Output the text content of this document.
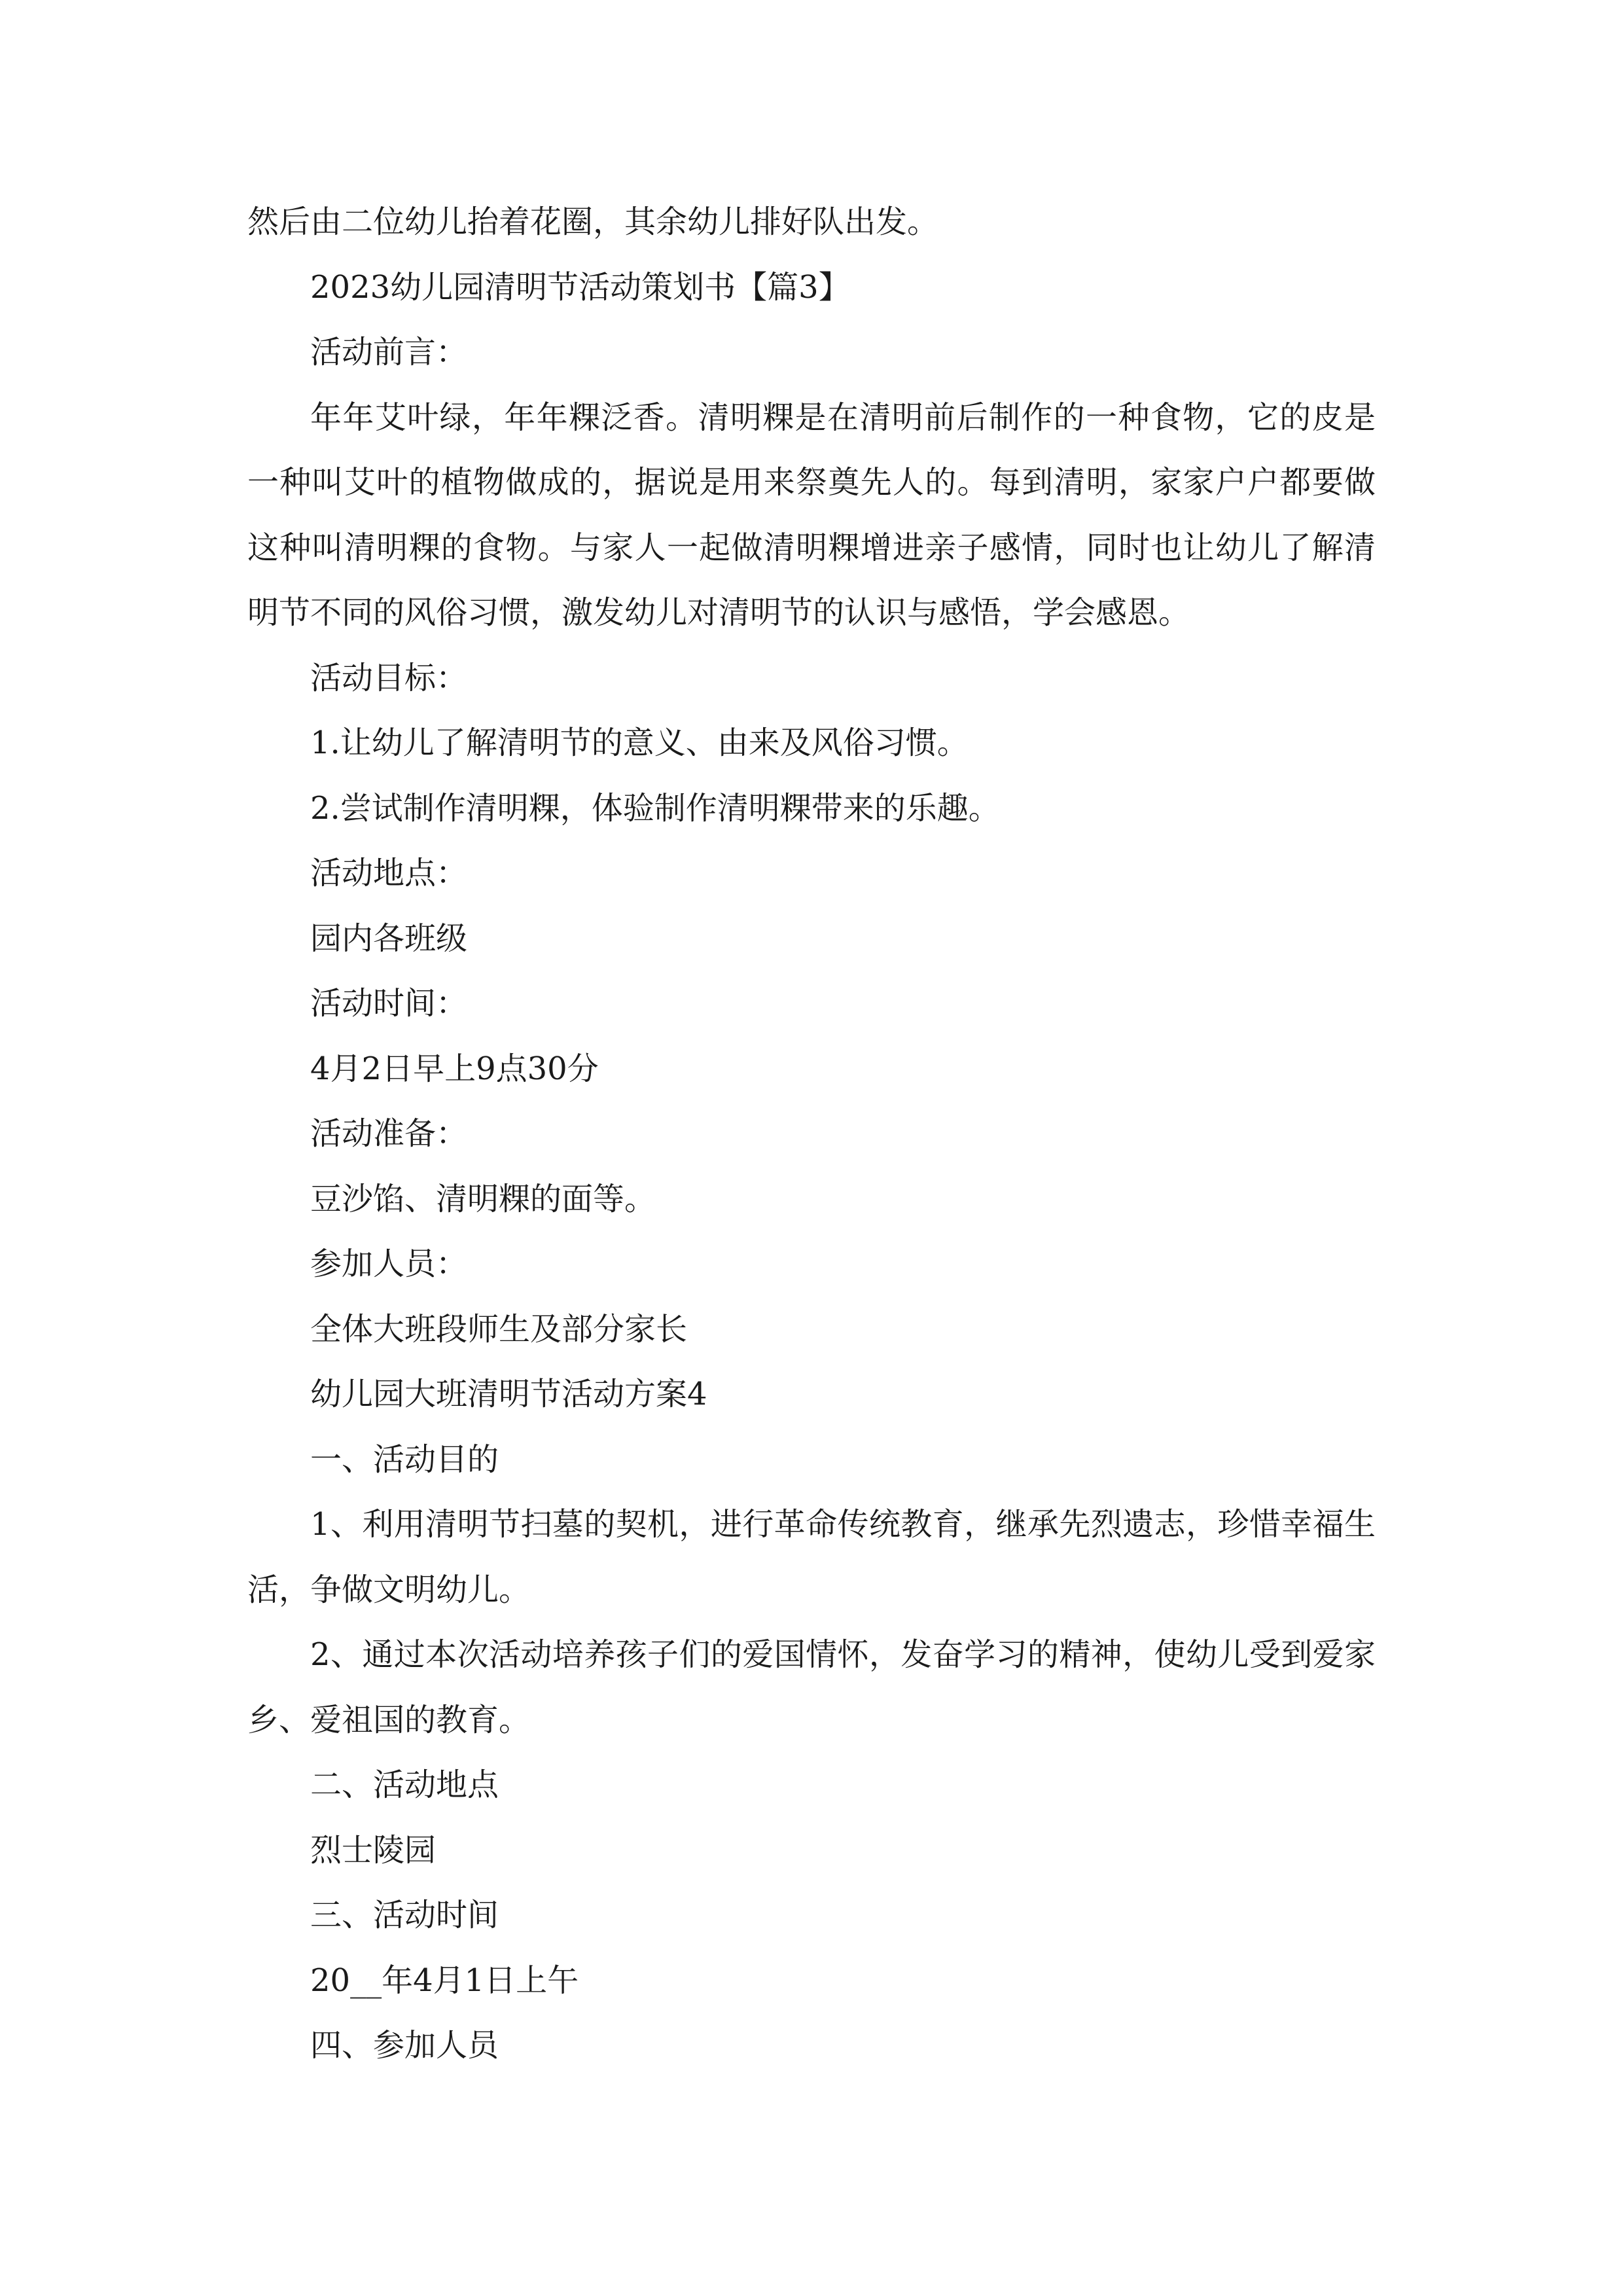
然后由二位幼儿抬着花圈，其余幼儿排好队出发。

2023幼儿园清明节活动策划书【篇3】

活动前言：

年年艾叶绿，年年粿泛香。清明粿是在清明前后制作的一种食物，它的皮是一种叫艾叶的植物做成的，据说是用来祭奠先人的。每到清明，家家户户都要做这种叫清明粿的食物。与家人一起做清明粿增进亲子感情，同时也让幼儿了解清明节不同的风俗习惯，激发幼儿对清明节的认识与感悟，学会感恩。

活动目标：

1.让幼儿了解清明节的意义、由来及风俗习惯。

2.尝试制作清明粿，体验制作清明粿带来的乐趣。

活动地点：

园内各班级

活动时间：

4月2日早上9点30分

活动准备：

豆沙馅、清明粿的面等。

参加人员：

全体大班段师生及部分家长

幼儿园大班清明节活动方案4

一、活动目的

1、利用清明节扫墓的契机，进行革命传统教育，继承先烈遗志，珍惜幸福生活，争做文明幼儿。

2、通过本次活动培养孩子们的爱国情怀，发奋学习的精神，使幼儿受到爱家乡、爱祖国的教育。

二、活动地点

烈士陵园

三、活动时间

20__年4月1日上午

四、参加人员
